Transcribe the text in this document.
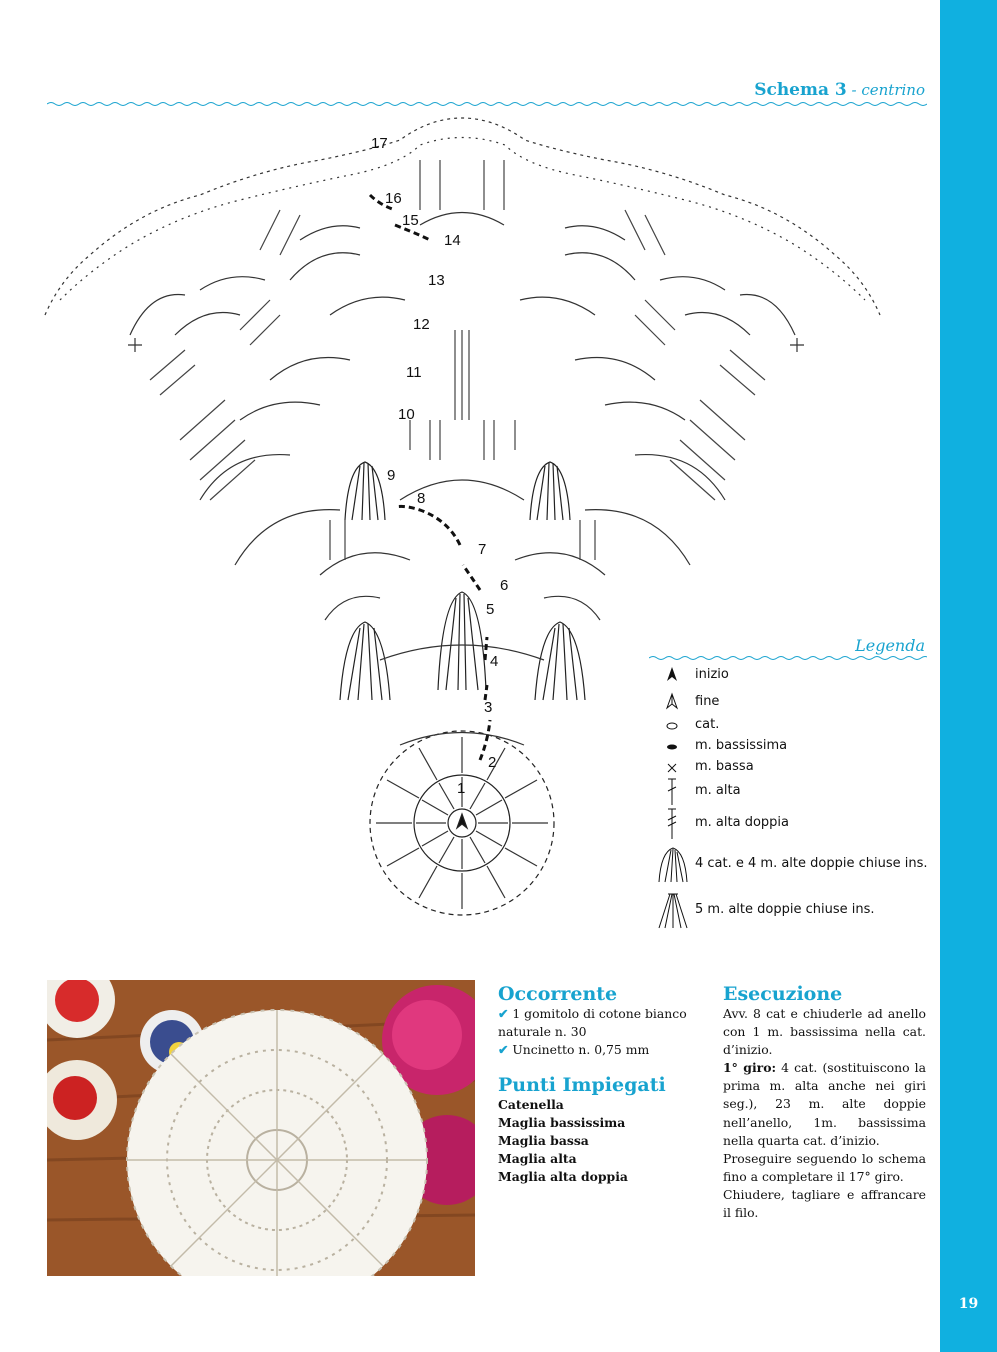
19
Schema 3 - centrino
1
2
3
4
5
6
7
8
9
10
11
12
13
14
15
16
17
Legenda
inizio
fine
cat.
m. bassissima
m. bassa
m. alta
m. alta doppia
4 cat. e 4 m. alte doppie chiuse ins.
5 m. alte doppie chiuse ins.
Occorrente
✔ 1 gomitolo di cotone bianco
naturale n. 30
✔ Uncinetto n. 0,75 mm
Punti Impiegati
Catenella
Maglia bassissima
Maglia bassa
Maglia alta
Maglia alta doppia
Esecuzione
Avv. 8 cat e chiuderle ad anello con 1 m. bassissima nella cat. d’inizio.
1° giro: 4 cat. (sostituiscono la prima m. alta anche nei giri seg.), 23 m. alte doppie nell’anello, 1m. bassissima nella quarta cat. d’inizio.
Proseguire seguendo lo schema fino a completare il 17° giro.
Chiudere, tagliare e affrancare il filo.
